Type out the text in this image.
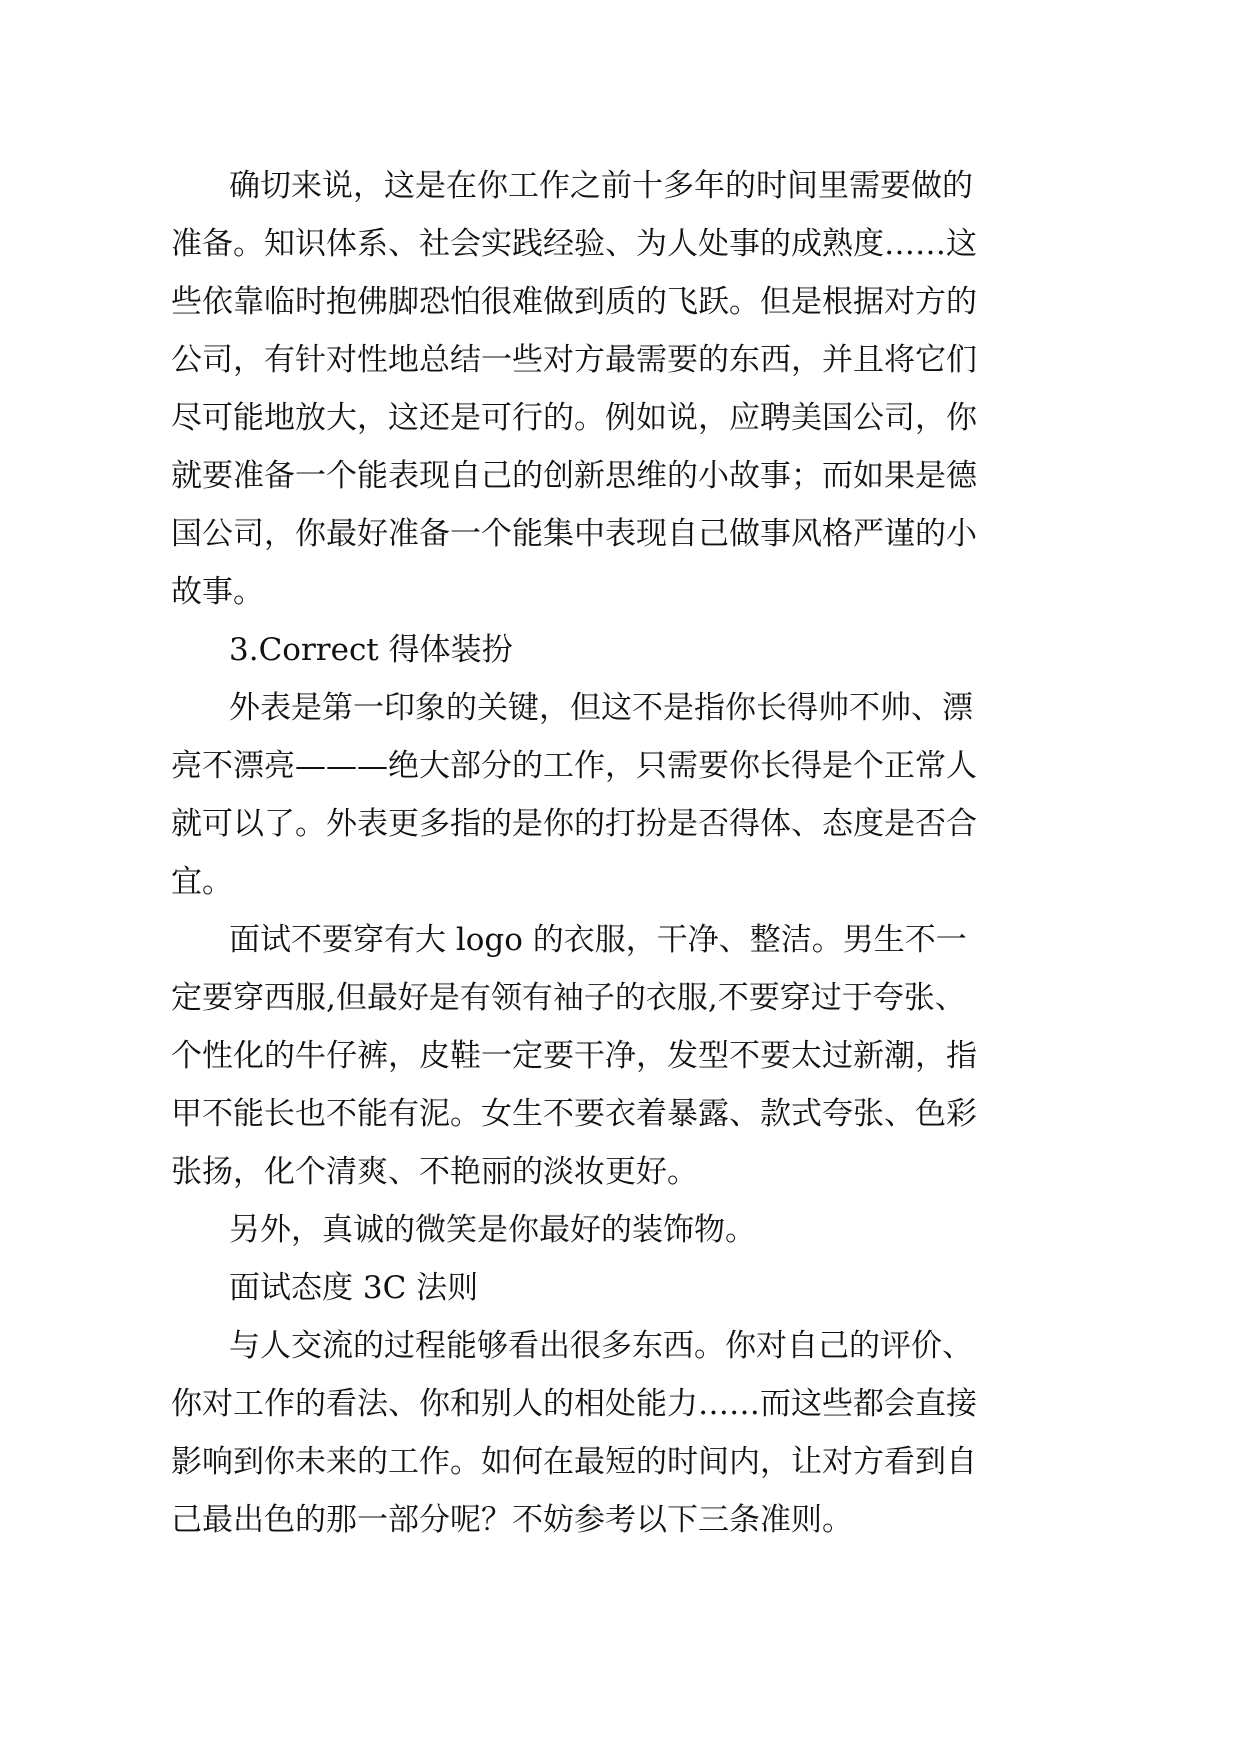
确切来说，这是在你工作之前十多年的时间里需要做的
准备。知识体系、社会实践经验、为人处事的成熟度……这
些依靠临时抱佛脚恐怕很难做到质的飞跃。但是根据对方的
公司，有针对性地总结一些对方最需要的东西，并且将它们
尽可能地放大，这还是可行的。例如说，应聘美国公司，你
就要准备一个能表现自己的创新思维的小故事；而如果是德
国公司，你最好准备一个能集中表现自己做事风格严谨的小
故事。
3.Correct 得体装扮
外表是第一印象的关键，但这不是指你长得帅不帅、漂
亮不漂亮———绝大部分的工作，只需要你长得是个正常人
就可以了。外表更多指的是你的打扮是否得体、态度是否合
宜。
面试不要穿有大 logo 的衣服，干净、整洁。男生不一
定要穿西服,但最好是有领有袖子的衣服,不要穿过于夸张、
个性化的牛仔裤，皮鞋一定要干净，发型不要太过新潮，指
甲不能长也不能有泥。女生不要衣着暴露、款式夸张、色彩
张扬，化个清爽、不艳丽的淡妆更好。
另外，真诚的微笑是你最好的装饰物。
面试态度 3C 法则
与人交流的过程能够看出很多东西。你对自己的评价、
你对工作的看法、你和别人的相处能力……而这些都会直接
影响到你未来的工作。如何在最短的时间内，让对方看到自
己最出色的那一部分呢？不妨参考以下三条准则。
